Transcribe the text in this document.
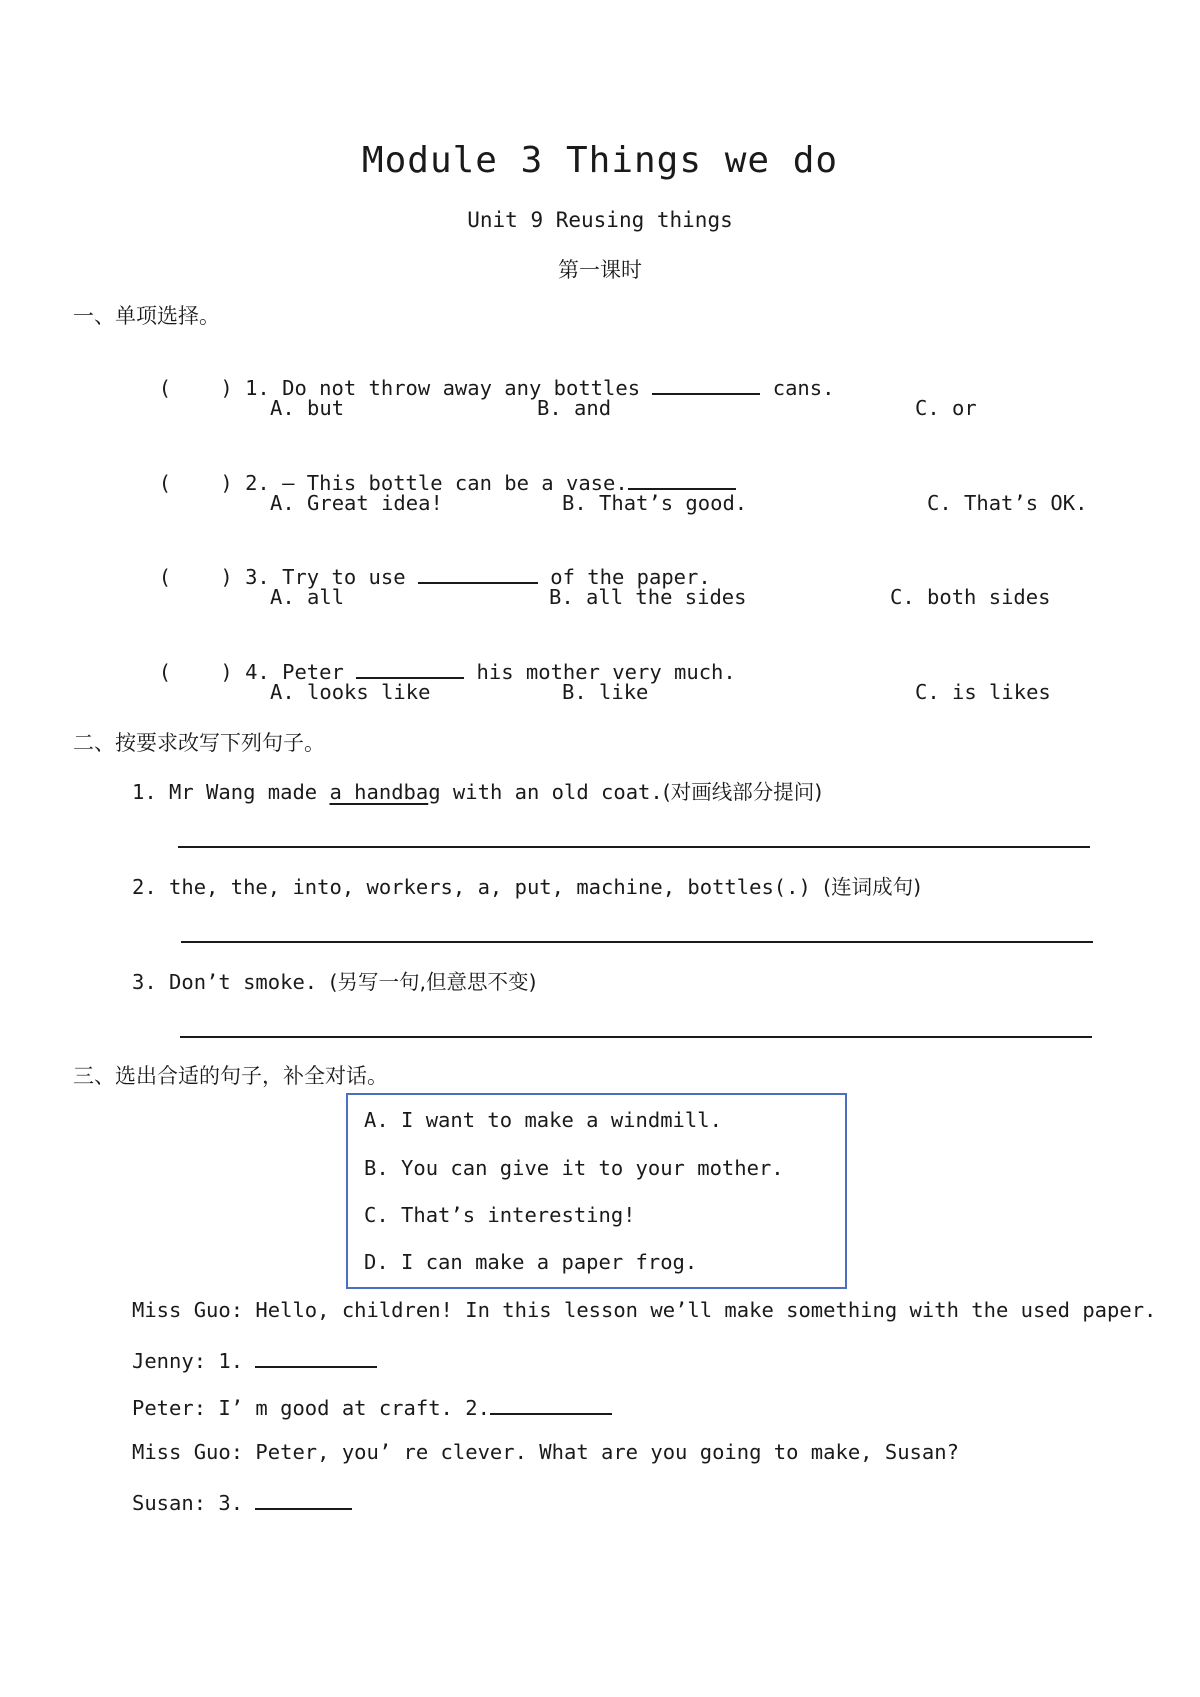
Module 3 Things we do
Unit 9 Reusing things
第一课时
一、单项选择。

(    ) 1. Do not throw away any bottles	cans.

A. but	B. and	C. or

(    ) 2. — This bottle can be a vase.

A. Great idea!	B. That’s good.	C. That’s OK.

(    ) 3. Try to use	of the paper.

A. all	B. all the sides	C. both sides

(    ) 4. Peter	his mother very much.

A. looks like	B. like	C. is likes
二、按要求改写下列句子。
1. Mr Wang made a handbag with an old coat.(对画线部分提问)
2. the, the, into, workers, a, put, machine, bottles(.) (连词成句)
3. Don’t smoke. (另写一句,但意思不变)
三、选出合适的句子，补全对话。
A. I want to make a windmill.
B. You can give it to your mother.
C. That’s interesting!
D. I can make a paper frog.
Miss Guo: Hello, children! In this lesson we’ll make something with the used paper.
Jenny: 1.
Peter: I’ m good at craft. 2.
Miss Guo: Peter, you’ re clever. What are you going to make, Susan?
Susan: 3.
